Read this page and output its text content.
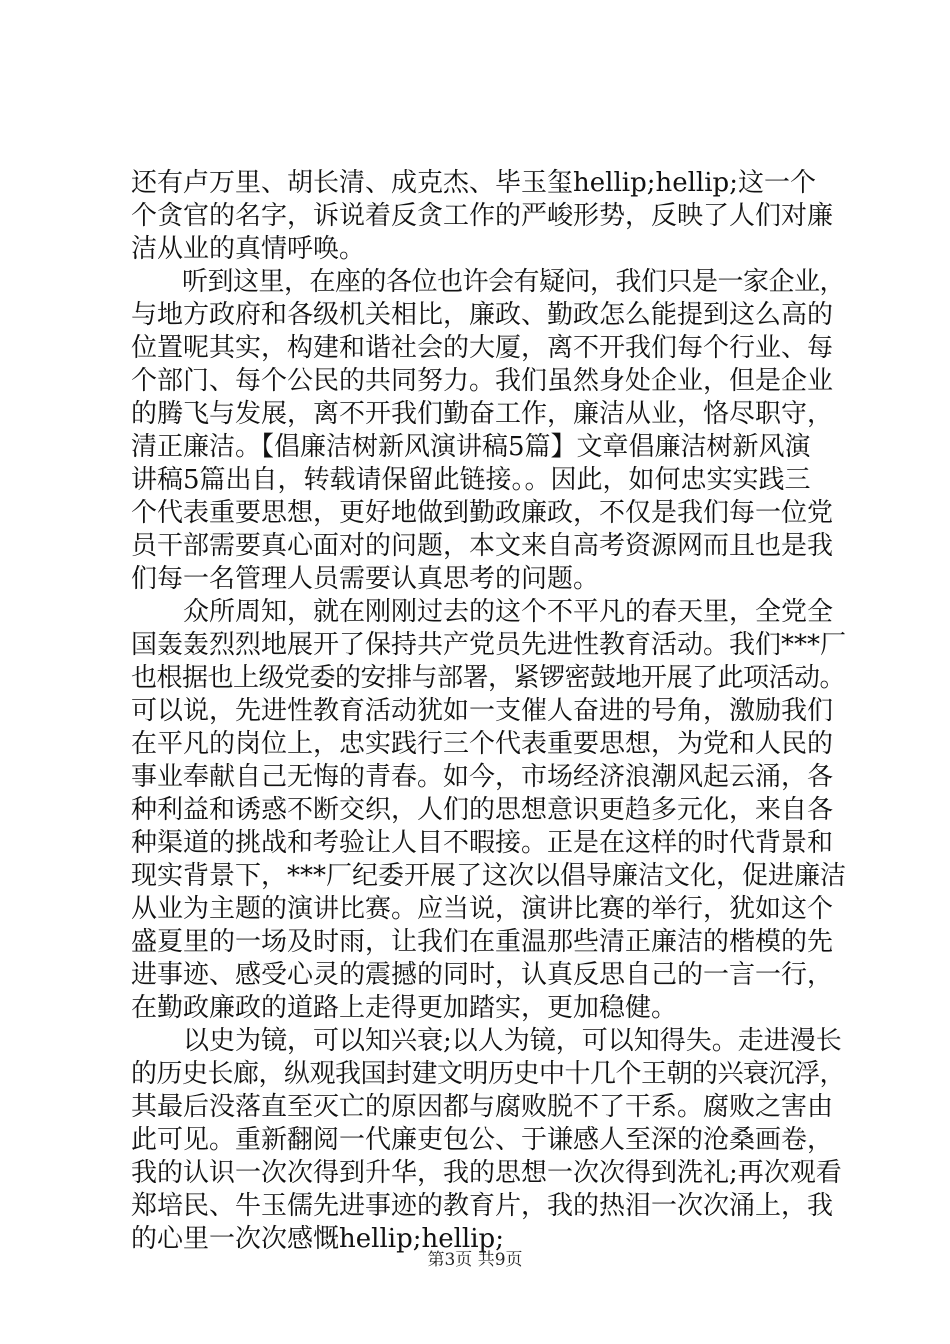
还有卢万里、胡长清、成克杰、毕玉玺hellip;hellip;这一个
个贪官的名字，诉说着反贪工作的严峻形势，反映了人们对廉
洁从业的真情呼唤。
　　听到这里，在座的各位也许会有疑问，我们只是一家企业，
与地方政府和各级机关相比，廉政、勤政怎么能提到这么高的
位置呢其实，构建和谐社会的大厦，离不开我们每个行业、每
个部门、每个公民的共同努力。我们虽然身处企业，但是企业
的腾飞与发展，离不开我们勤奋工作，廉洁从业，恪尽职守，
清正廉洁。【倡廉洁树新风演讲稿5篇】文章倡廉洁树新风演
讲稿5篇出自，转载请保留此链接。。因此，如何忠实实践三
个代表重要思想，更好地做到勤政廉政，不仅是我们每一位党
员干部需要真心面对的问题，本文来自高考资源网而且也是我
们每一名管理人员需要认真思考的问题。
　　众所周知，就在刚刚过去的这个不平凡的春天里，全党全
国轰轰烈烈地展开了保持共产党员先进性教育活动。我们***厂
也根据也上级党委的安排与部署，紧锣密鼓地开展了此项活动。
可以说，先进性教育活动犹如一支催人奋进的号角，激励我们
在平凡的岗位上，忠实践行三个代表重要思想，为党和人民的
事业奉献自己无悔的青春。如今，市场经济浪潮风起云涌，各
种利益和诱惑不断交织，人们的思想意识更趋多元化，来自各
种渠道的挑战和考验让人目不暇接。正是在这样的时代背景和
现实背景下，***厂纪委开展了这次以倡导廉洁文化，促进廉洁
从业为主题的演讲比赛。应当说，演讲比赛的举行，犹如这个
盛夏里的一场及时雨，让我们在重温那些清正廉洁的楷模的先
进事迹、感受心灵的震撼的同时，认真反思自己的一言一行，
在勤政廉政的道路上走得更加踏实，更加稳健。
　　以史为镜，可以知兴衰;以人为镜，可以知得失。走进漫长
的历史长廊，纵观我国封建文明历史中十几个王朝的兴衰沉浮，
其最后没落直至灭亡的原因都与腐败脱不了干系。腐败之害由
此可见。重新翻阅一代廉吏包公、于谦感人至深的沧桑画卷，
我的认识一次次得到升华，我的思想一次次得到洗礼;再次观看
郑培民、牛玉儒先进事迹的教育片，我的热泪一次次涌上，我
的心里一次次感慨hellip;hellip;
第3页 共9页
